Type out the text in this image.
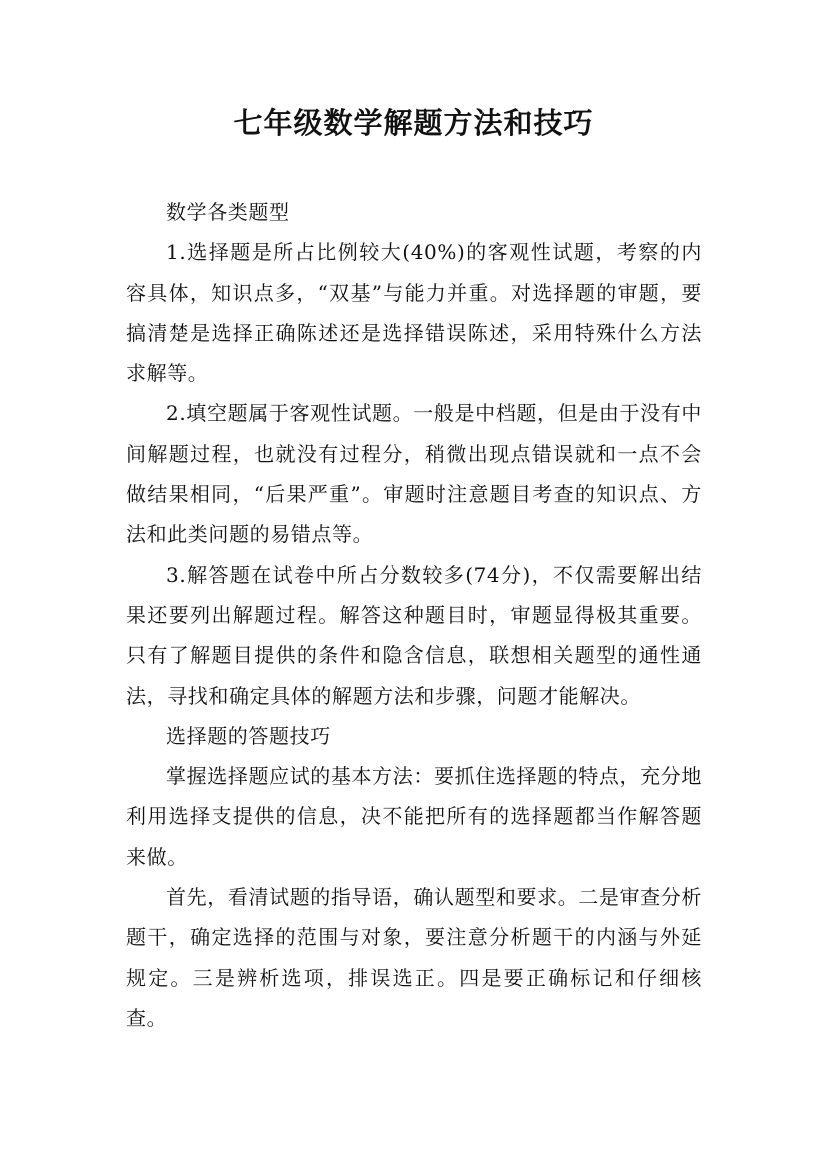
七年级数学解题方法和技巧

数学各类题型

1.选择题是所占比例较大(40%)的客观性试题，考察的内容具体，知识点多，“双基”与能力并重。对选择题的审题，要搞清楚是选择正确陈述还是选择错误陈述，采用特殊什么方法求解等。

2.填空题属于客观性试题。一般是中档题，但是由于没有中间解题过程，也就没有过程分，稍微出现点错误就和一点不会做结果相同，“后果严重”。审题时注意题目考查的知识点、方法和此类问题的易错点等。

3.解答题在试卷中所占分数较多(74分)，不仅需要解出结果还要列出解题过程。解答这种题目时，审题显得极其重要。只有了解题目提供的条件和隐含信息，联想相关题型的通性通法，寻找和确定具体的解题方法和步骤，问题才能解决。

选择题的答题技巧

掌握选择题应试的基本方法：要抓住选择题的特点，充分地利用选择支提供的信息，决不能把所有的选择题都当作解答题来做。

首先，看清试题的指导语，确认题型和要求。二是审查分析题干，确定选择的范围与对象，要注意分析题干的内涵与外延规定。三是辨析选项，排误选正。四是要正确标记和仔细核查。
